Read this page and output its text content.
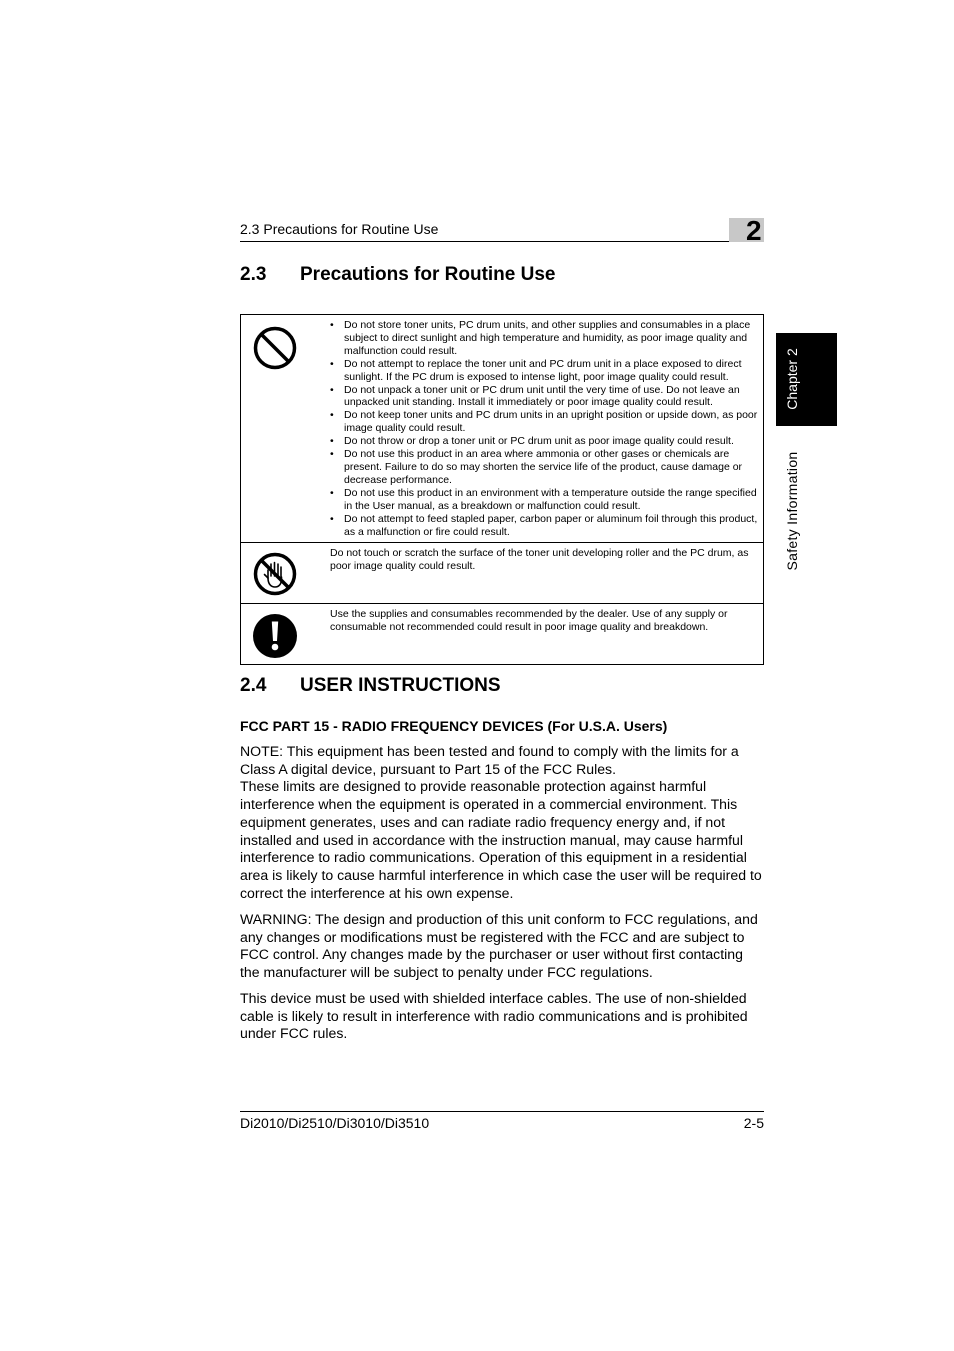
2.3 Precautions for Routine Use	2
Chapter 2
Safety Information
2.3 Precautions for Routine Use
• Do not store toner units, PC drum units, and other supplies and consumables in a place subject to direct sunlight and high temperature and humidity, as poor image quality and malfunction could result.
• Do not attempt to replace the toner unit and PC drum unit in a place exposed to direct sunlight. If the PC drum is exposed to intense light, poor image quality could result.
• Do not unpack a toner unit or PC drum unit until the very time of use. Do not leave an unpacked unit standing. Install it immediately or poor image quality could result.
• Do not keep toner units and PC drum units in an upright position or upside down, as poor image quality could result.
• Do not throw or drop a toner unit or PC drum unit as poor image quality could result.
• Do not use this product in an area where ammonia or other gases or chemicals are present. Failure to do so may shorten the service life of the product, cause damage or decrease performance.
• Do not use this product in an environment with a temperature outside the range specified in the User manual, as a breakdown or malfunction could result.
• Do not attempt to feed stapled paper, carbon paper or aluminum foil through this product, as a malfunction or fire could result.
Do not touch or scratch the surface of the toner unit developing roller and the PC drum, as poor image quality could result.
Use the supplies and consumables recommended by the dealer. Use of any supply or consumable not recommended could result in poor image quality and breakdown.
2.4 USER INSTRUCTIONS
FCC PART 15 - RADIO FREQUENCY DEVICES (For U.S.A. Users)
NOTE: This equipment has been tested and found to comply with the limits for a Class A digital device, pursuant to Part 15 of the FCC Rules.
These limits are designed to provide reasonable protection against harmful interference when the equipment is operated in a commercial environment. This equipment generates, uses and can radiate radio frequency energy and, if not installed and used in accordance with the instruction manual, may cause harmful interference to radio communications. Operation of this equipment in a residential area is likely to cause harmful interference in which case the user will be required to correct the interference at his own expense.
WARNING: The design and production of this unit conform to FCC regulations, and any changes or modifications must be registered with the FCC and are subject to FCC control. Any changes made by the purchaser or user without first contacting the manufacturer will be subject to penalty under FCC regulations.
This device must be used with shielded interface cables. The use of non-shielded cable is likely to result in interference with radio communications and is prohibited under FCC rules.
Di2010/Di2510/Di3010/Di3510	2-5
